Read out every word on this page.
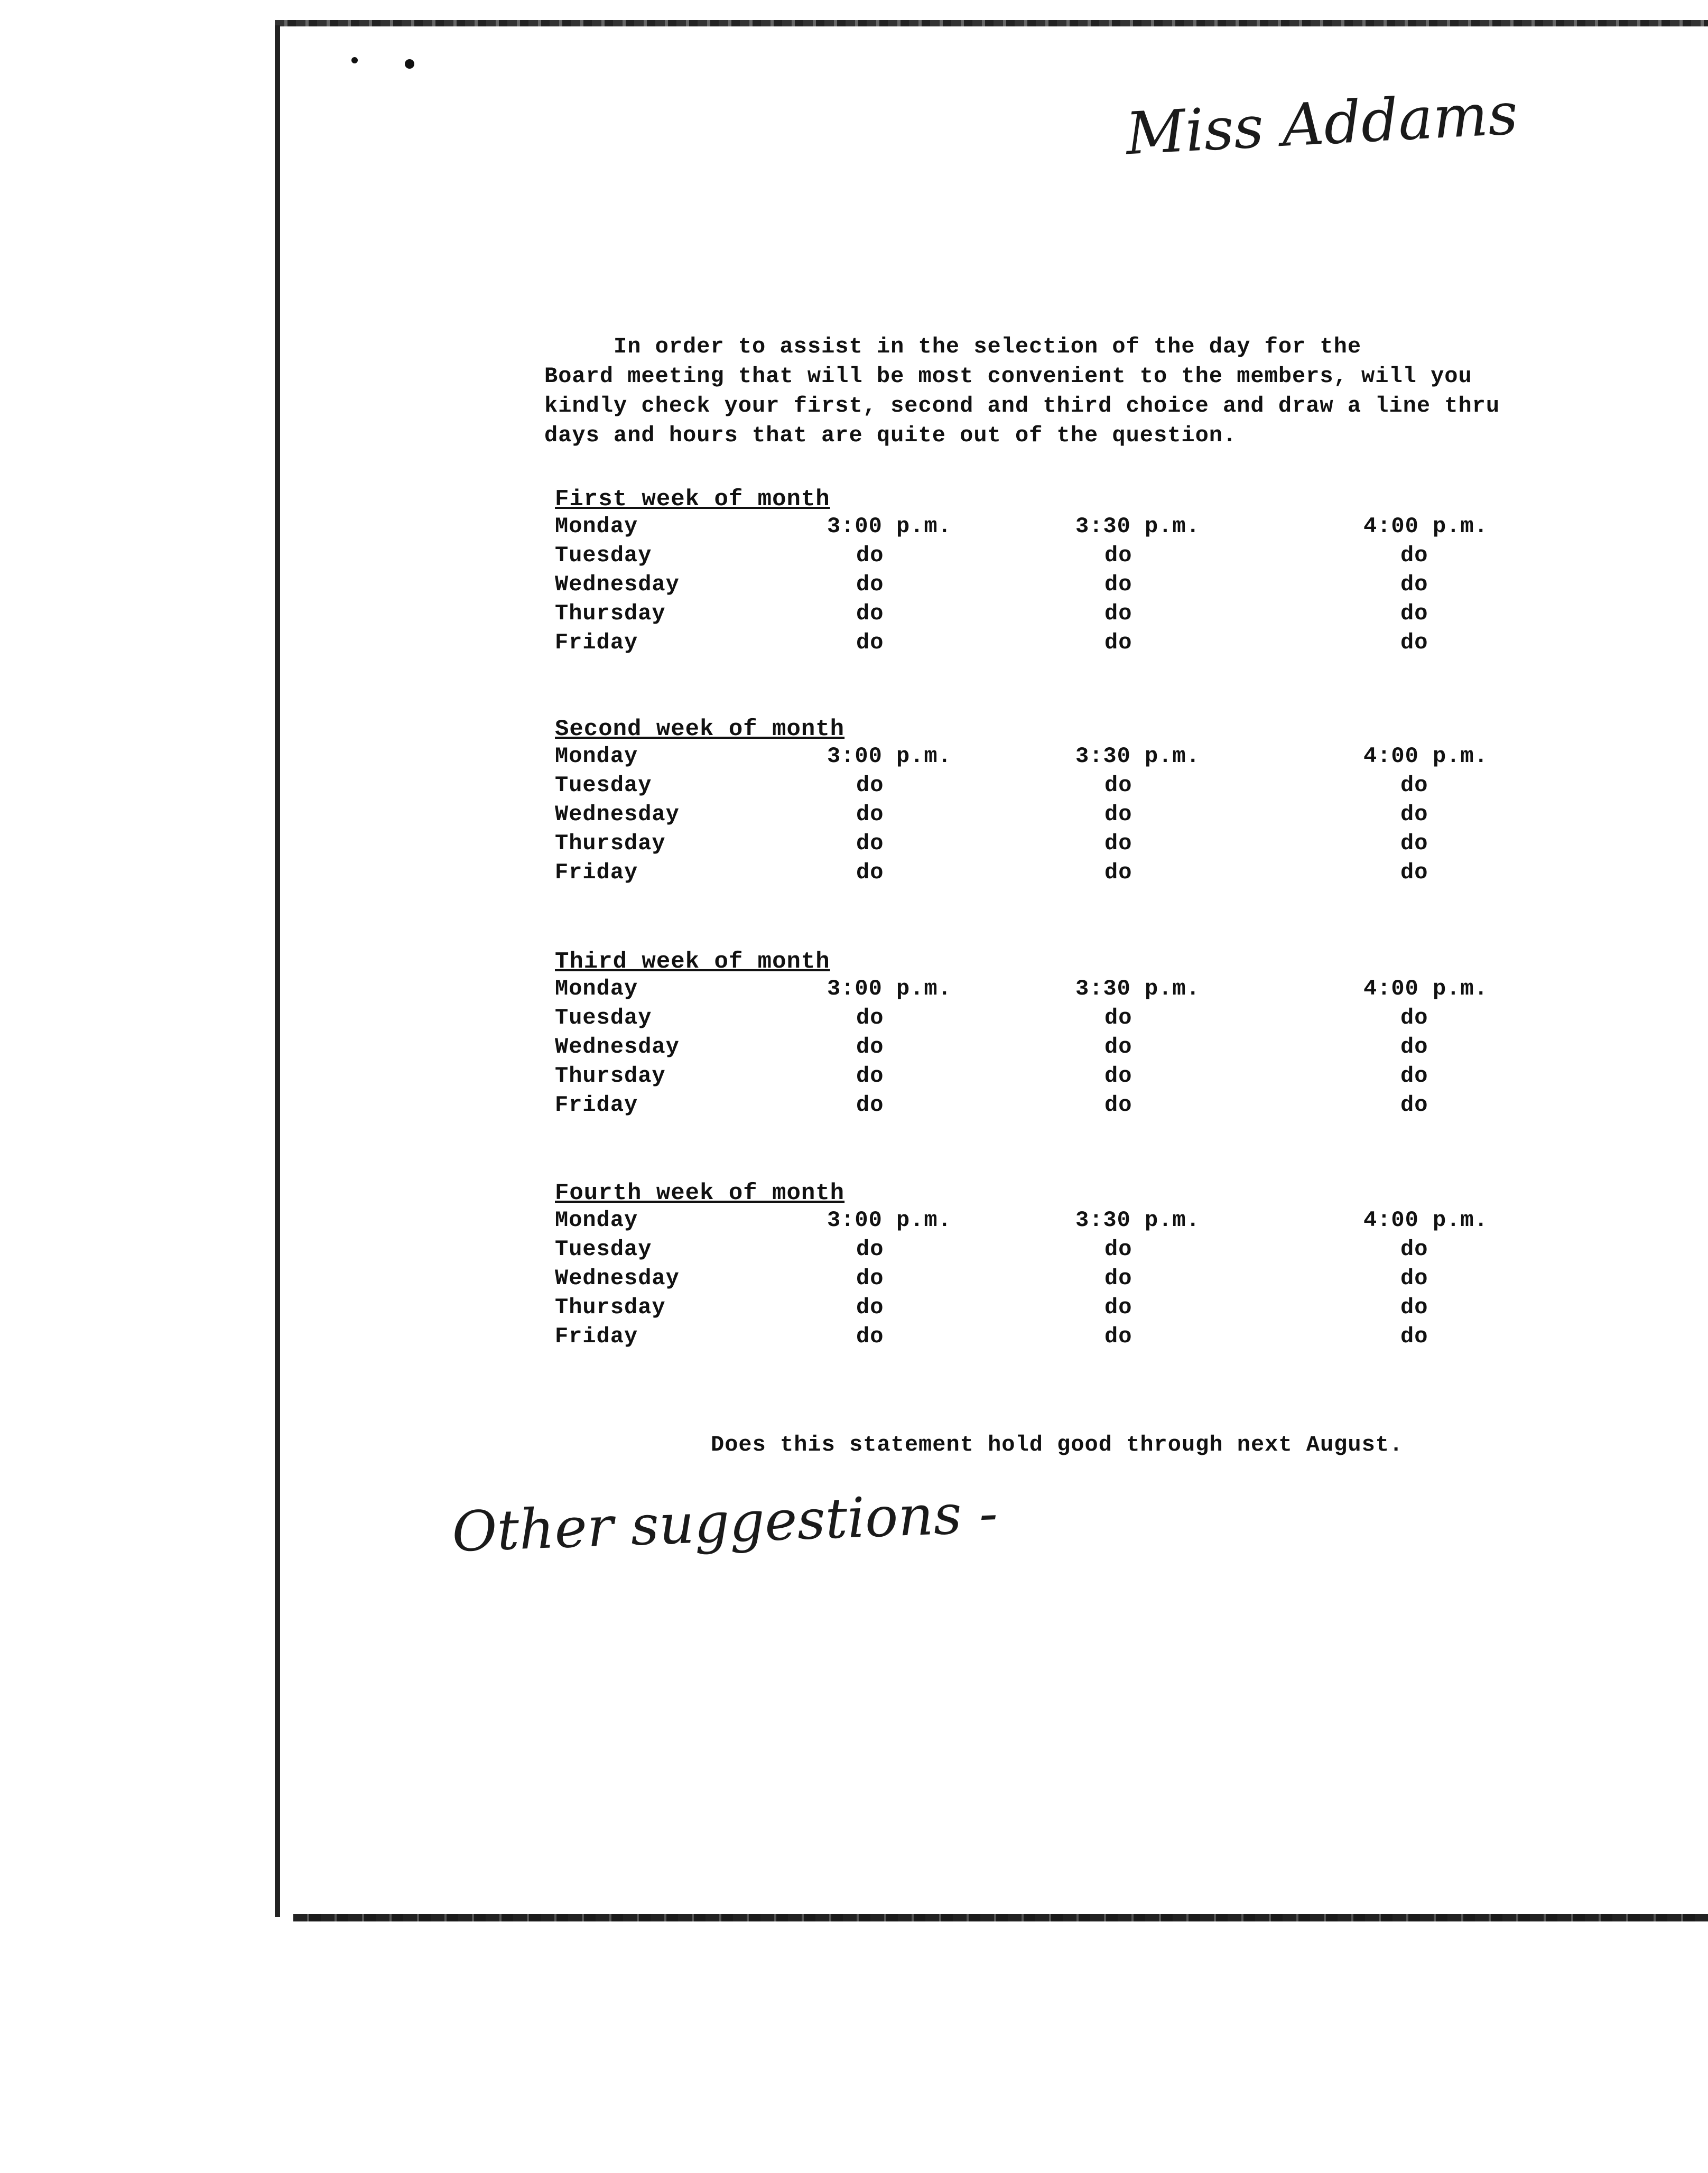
Miss Addams
In order to assist in the selection of the day for the
Board meeting that will be most convenient to the members, will you
kindly check your first, second and third choice and draw a line thru
days and hours that are quite out of the question.
First week of month
Monday	3:00 p.m.	3:30 p.m.	4:00 p.m.
Tuesday	do	do	do
Wednesday	do	do	do
Thursday	do	do	do
Friday	do	do	do
Second week of month
Monday	3:00 p.m.	3:30 p.m.	4:00 p.m.
Tuesday	do	do	do
Wednesday	do	do	do
Thursday	do	do	do
Friday	do	do	do
Third week of month
Monday	3:00 p.m.	3:30 p.m.	4:00 p.m.
Tuesday	do	do	do
Wednesday	do	do	do
Thursday	do	do	do
Friday	do	do	do
Fourth week of month
Monday	3:00 p.m.	3:30 p.m.	4:00 p.m.
Tuesday	do	do	do
Wednesday	do	do	do
Thursday	do	do	do
Friday	do	do	do
Does this statement hold good through next August.
Other suggestions -
